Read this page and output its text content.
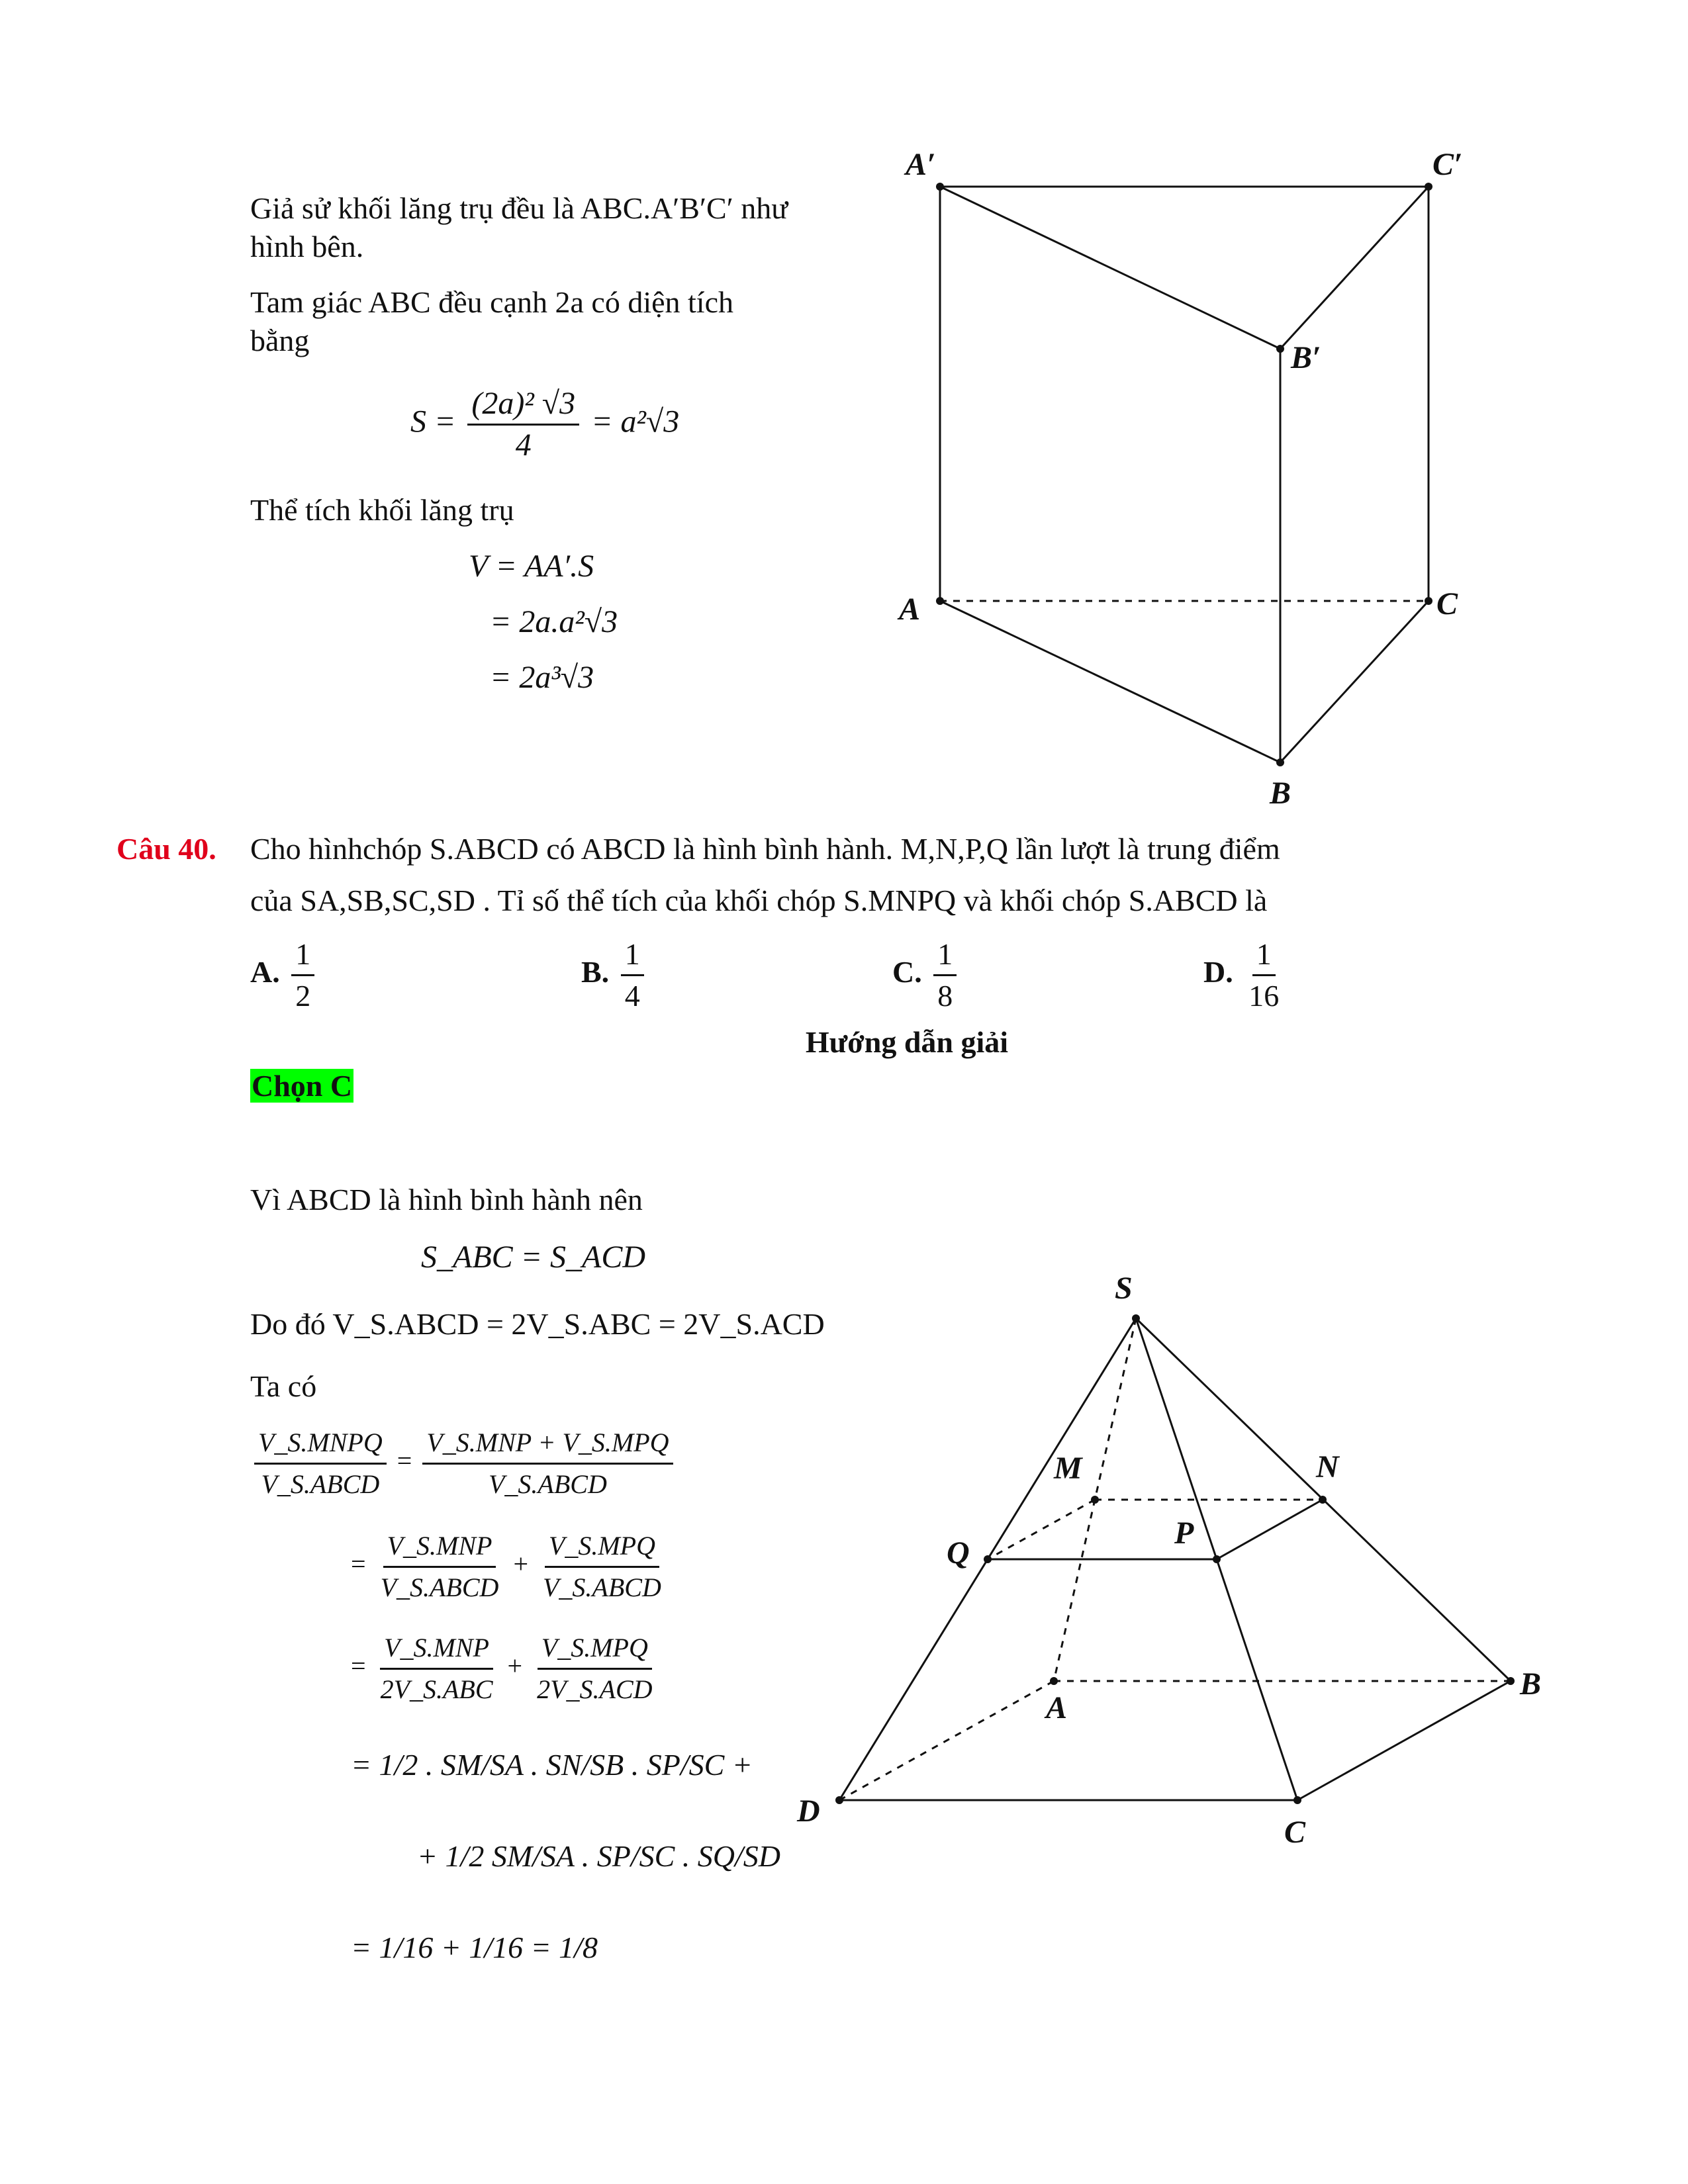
Giả sử khối lăng trụ đều là ABC.A′B′C′ như
hình bên.
Tam giác ABC đều cạnh 2a có diện tích
bằng
$S = \frac{\text{(2a)² √3}}{4} = a^2√3$
Thể tích khối lăng trụ
V = AA′.S
= 2a.a²√3
= 2a³√3
A′	C′
B′
A	C
B
Câu 40.	Cho hìnhchóp S.ABCD có ABCD là hình bình hành. M,N,P,Q lần lượt là trung điểm
của SA,SB,SC,SD . Tỉ số thể tích của khối chóp S.MNPQ và khối chóp S.ABCD là
A. $\frac{1}{2}$	B. $\frac{1}{4}$	C. $\frac{1}{8}$	D. $\frac{1}{16}$
Hướng dẫn giải
Chọn C
Vì ABCD là hình bình hành nên
S_ABC = S_ACD
Do đó V_S.ABCD = 2V_S.ABC = 2V_S.ACD
Ta có
$\frac{\text{V\_S.MNPQ}}{\text{V\_S.ABCD}} = \frac{\text{V\_S.MNP + V\_S.MPQ}}{\text{V\_S.ABCD}}$
= $\frac{\text{V\_S.MNP}}{\text{V\_S.ABCD}} + \frac{\text{V\_S.MPQ}}{\text{V\_S.ABCD}}$
= $\frac{\text{V\_S.MNP}}{\text{2V\_S.ABC}} + \frac{\text{V\_S.MPQ}}{\text{2V\_S.ACD}}$
= 1/2 . SM/SA . SN/SB . SP/SC +
+ 1/2 SM/SA . SP/SC . SQ/SD
= 1/16 + 1/16 = 1/8
S
M	N
P
Q
A
B
C
D
